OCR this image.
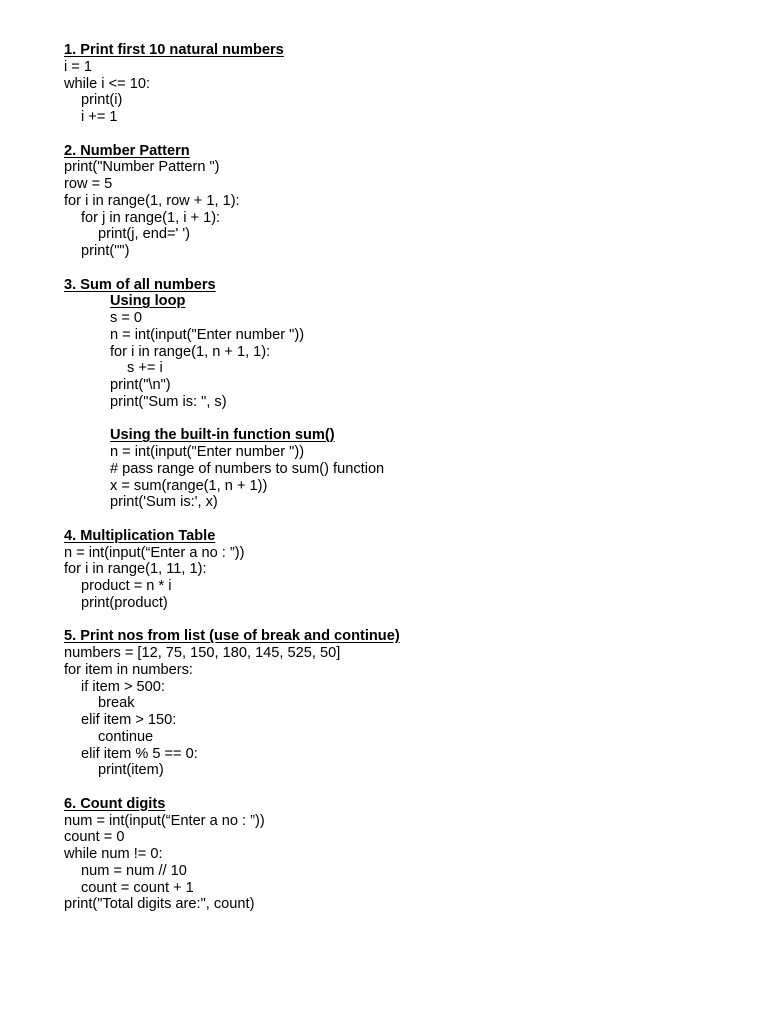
1. Print first 10 natural numbers
i = 1
while i <= 10:
print(i)
i += 1
2. Number Pattern
print("Number Pattern ")
row = 5
for i in range(1, row + 1, 1):
for j in range(1, i + 1):
print(j, end=' ')
print("")
3. Sum of all numbers
Using loop
s = 0
n = int(input("Enter number "))
for i in range(1, n + 1, 1):
s += i
print("\n")
print("Sum is: ", s)
Using the built-in function sum()
n = int(input("Enter number "))
# pass range of numbers to sum() function
x = sum(range(1, n + 1))
print('Sum is:', x)
4. Multiplication Table
n = int(input(“Enter a no : ”))
for i in range(1, 11, 1):
product = n * i
print(product)
5. Print nos from list (use of break and continue)
numbers = [12, 75, 150, 180, 145, 525, 50]
for item in numbers:
if item > 500:
break
elif item > 150:
continue
elif item % 5 == 0:
print(item)
6. Count digits
num = int(input(“Enter a no : ”))
count = 0
while num != 0:
num = num // 10
count = count + 1
print("Total digits are:", count)
